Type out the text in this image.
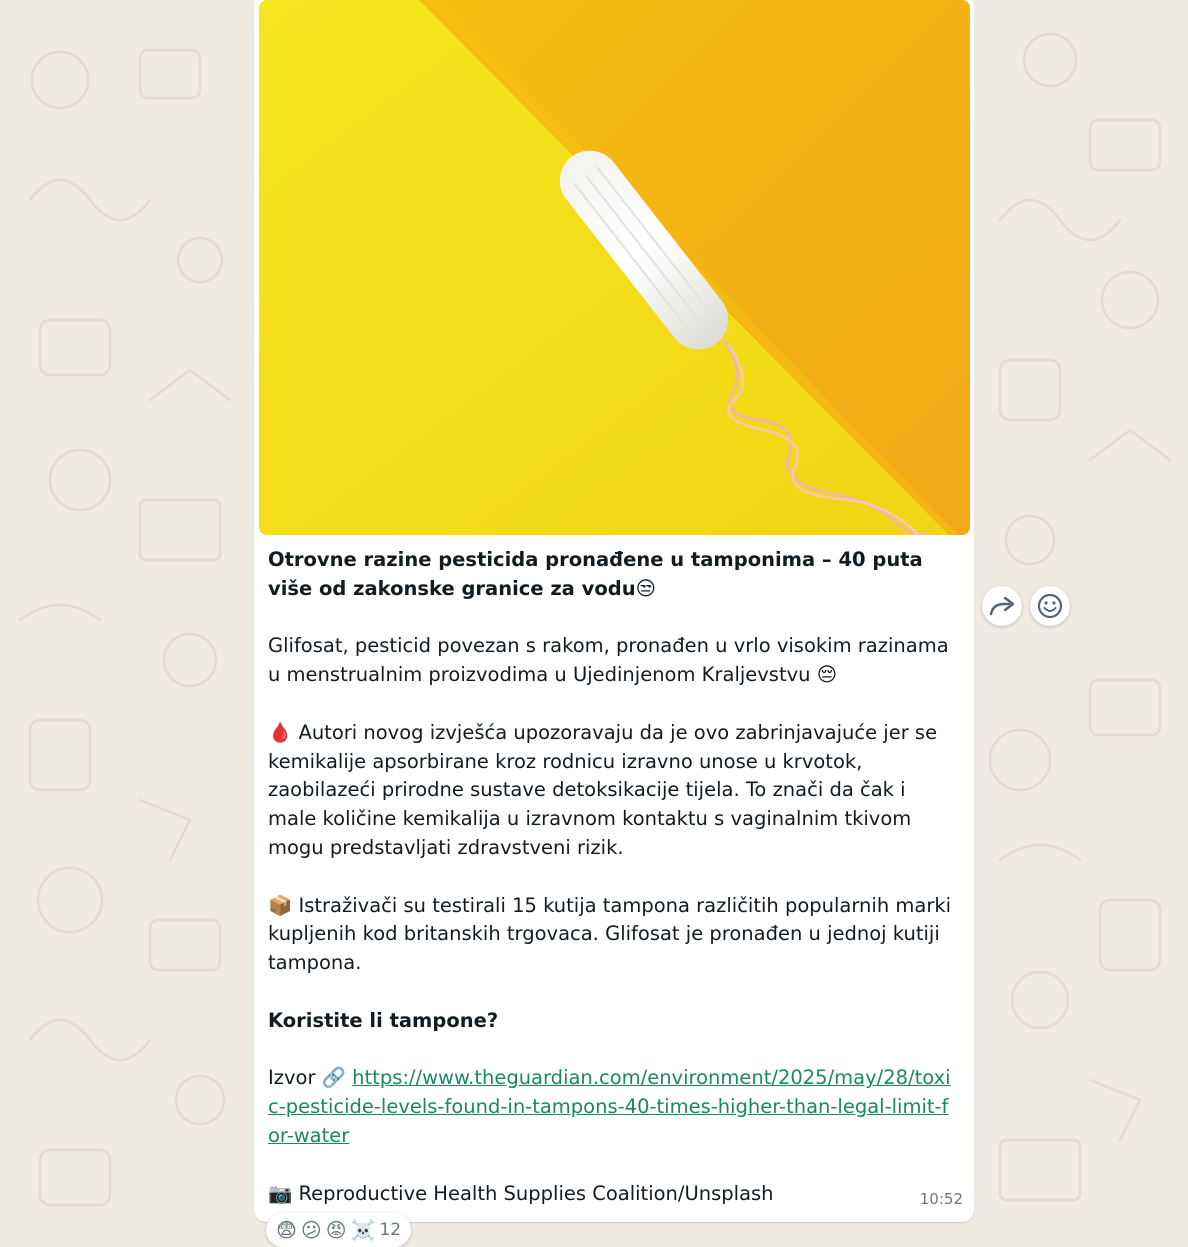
Otrovne razine pesticida pronađene u tamponima – 40 puta više od zakonske granice za vodu😒

Glifosat, pesticid povezan s rakom, pronađen u vrlo visokim razinama u menstrualnim proizvodima u Ujedinjenom Kraljevstvu 😔

🩸 Autori novog izvješća upozoravaju da je ovo zabrinjavajuće jer se kemikalije apsorbirane kroz rodnicu izravno unose u krvotok, zaobilazeći prirodne sustave detoksikacije tijela. To znači da čak i male količine kemikalija u izravnom kontaktu s vaginalnim tkivom mogu predstavljati zdravstveni rizik.

📦 Istraživači su testirali 15 kutija tampona različitih popularnih marki kupljenih kod britanskih trgovaca. Glifosat je pronađen u jednoj kutiji tampona.

Koristite li tampone?

Izvor 🔗 https://www.theguardian.com/environment/2025/may/28/toxic-pesticide-levels-found-in-tampons-40-times-higher-than-legal-limit-for-water

📷 Reproductive Health Supplies Coalition/Unsplash	10:52
😨 😕 😡 ☠️ 12
